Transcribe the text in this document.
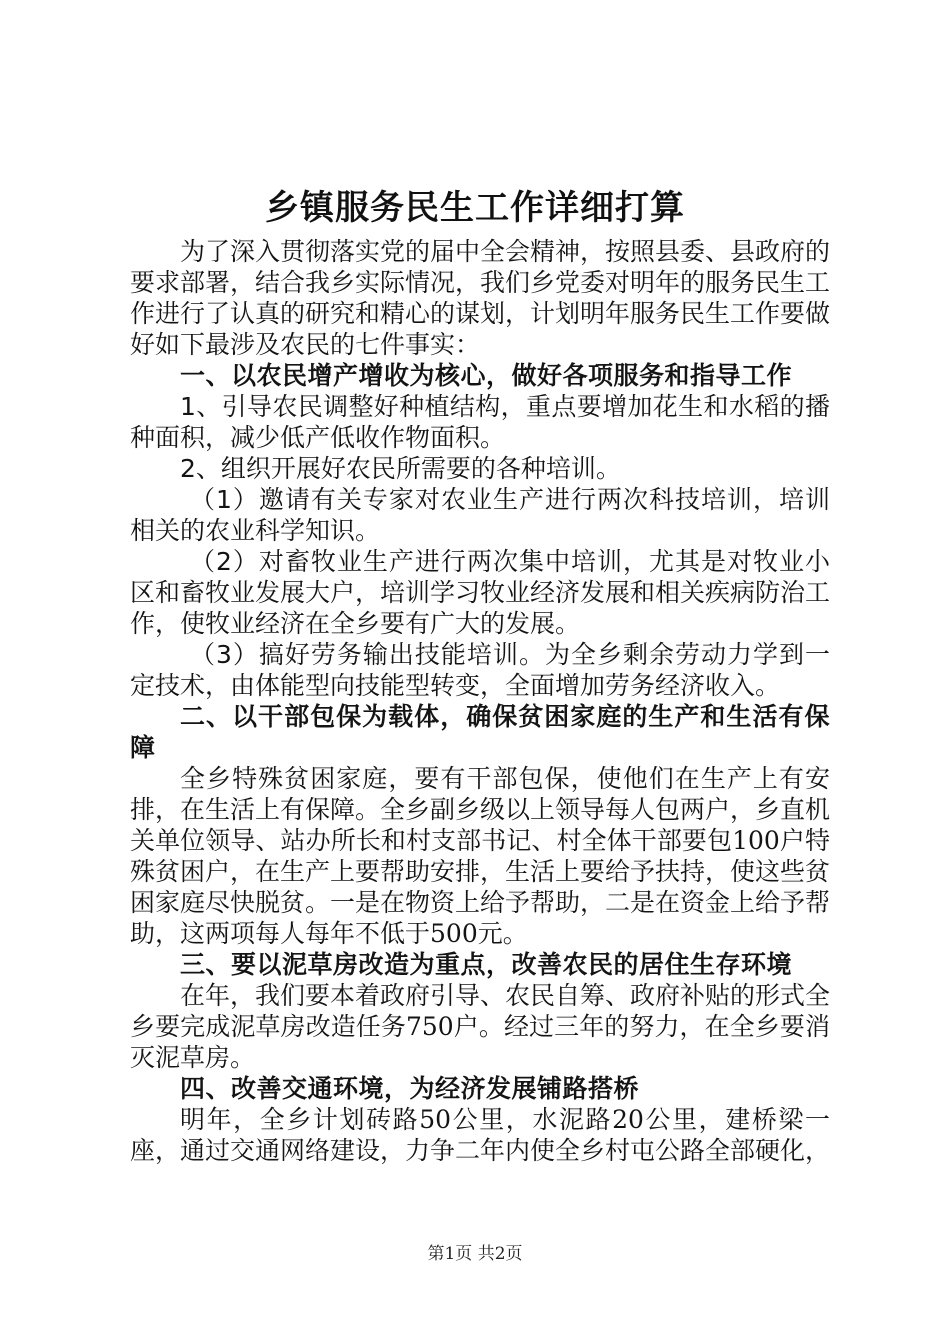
乡镇服务民生工作详细打算

为了深入贯彻落实党的届中全会精神，按照县委、县政府的要求部署，结合我乡实际情况，我们乡党委对明年的服务民生工作进行了认真的研究和精心的谋划，计划明年服务民生工作要做好如下最涉及农民的七件事实：

一、以农民增产增收为核心，做好各项服务和指导工作

1、引导农民调整好种植结构，重点要增加花生和水稻的播种面积，减少低产低收作物面积。

2、组织开展好农民所需要的各种培训。

（1）邀请有关专家对农业生产进行两次科技培训，培训相关的农业科学知识。

（2）对畜牧业生产进行两次集中培训，尤其是对牧业小区和畜牧业发展大户，培训学习牧业经济发展和相关疾病防治工作，使牧业经济在全乡要有广大的发展。

（3）搞好劳务输出技能培训。为全乡剩余劳动力学到一定技术，由体能型向技能型转变，全面增加劳务经济收入。

二、以干部包保为载体，确保贫困家庭的生产和生活有保障

全乡特殊贫困家庭，要有干部包保，使他们在生产上有安排，在生活上有保障。全乡副乡级以上领导每人包两户，乡直机关单位领导、站办所长和村支部书记、村全体干部要包100户特殊贫困户，在生产上要帮助安排，生活上要给予扶持，使这些贫困家庭尽快脱贫。一是在物资上给予帮助，二是在资金上给予帮助，这两项每人每年不低于500元。

三、要以泥草房改造为重点，改善农民的居住生存环境

在年，我们要本着政府引导、农民自筹、政府补贴的形式全乡要完成泥草房改造任务750户。经过三年的努力，在全乡要消灭泥草房。

四、改善交通环境，为经济发展铺路搭桥

明年，全乡计划砖路50公里，水泥路20公里，建桥梁一座，通过交通网络建设，力争二年内使全乡村屯公路全部硬化，

第1页 共2页
